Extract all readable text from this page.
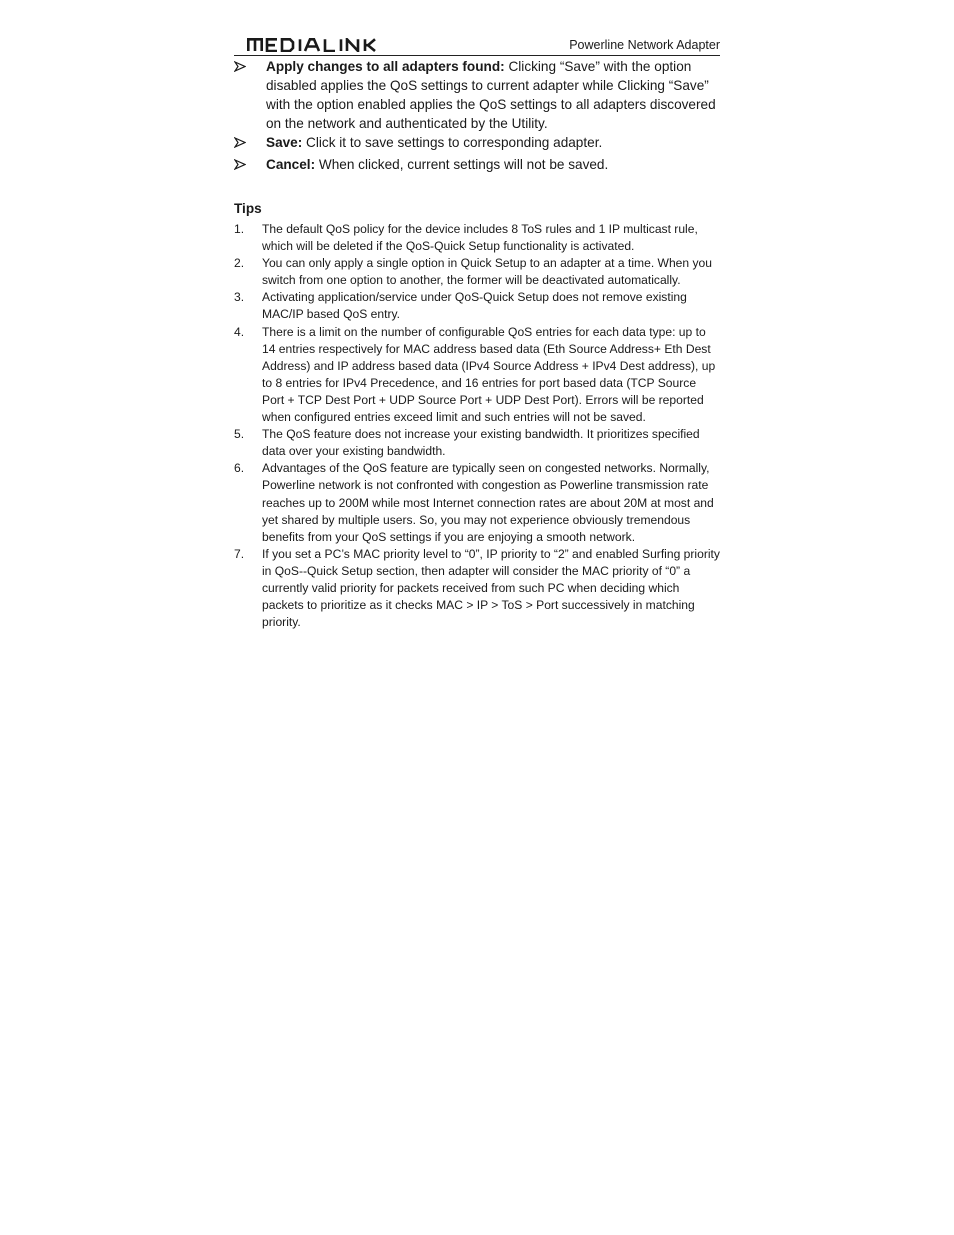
Powerline Network Adapter
Apply changes to all adapters found: Clicking “Save” with the option disabled applies the QoS settings to current adapter while Clicking “Save” with the option enabled applies the QoS settings to all adapters discovered on the network and authenticated by the Utility.
Save: Click it to save settings to corresponding adapter.
Cancel: When clicked, current settings will not be saved.
Tips
1. The default QoS policy for the device includes 8 ToS rules and 1 IP multicast rule, which will be deleted if the QoS-Quick Setup functionality is activated.
2. You can only apply a single option in Quick Setup to an adapter at a time. When you switch from one option to another, the former will be deactivated automatically.
3. Activating application/service under QoS-Quick Setup does not remove existing MAC/IP based QoS entry.
4. There is a limit on the number of configurable QoS entries for each data type: up to 14 entries respectively for MAC address based data (Eth Source Address+ Eth Dest Address) and IP address based data (IPv4 Source Address + IPv4 Dest address), up to 8 entries for IPv4 Precedence, and 16 entries for port based data (TCP Source Port + TCP Dest Port + UDP Source Port + UDP Dest Port). Errors will be reported when configured entries exceed limit and such entries will not be saved.
5. The QoS feature does not increase your existing bandwidth. It prioritizes specified data over your existing bandwidth.
6. Advantages of the QoS feature are typically seen on congested networks. Normally, Powerline network is not confronted with congestion as Powerline transmission rate reaches up to 200M while most Internet connection rates are about 20M at most and yet shared by multiple users. So, you may not experience obviously tremendous benefits from your QoS settings if you are enjoying a smooth network.
7. If you set a PC’s MAC priority level to “0”, IP priority to “2” and enabled Surfing priority in QoS--Quick Setup section, then adapter will consider the MAC priority of “0” a currently valid priority for packets received from such PC when deciding which packets to prioritize as it checks MAC > IP > ToS > Port successively in matching priority.
